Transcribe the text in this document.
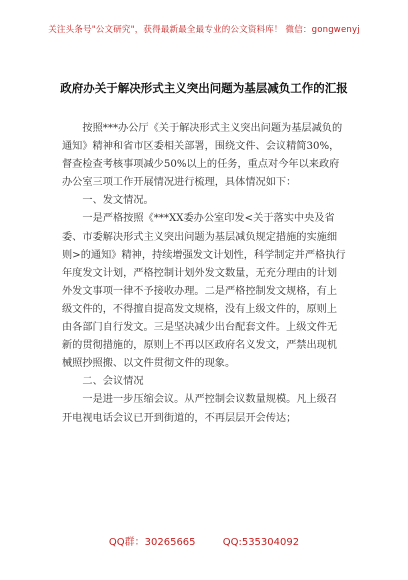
关注头条号"公文研究"，获得最新最全最专业的公文资料库！ 微信：gongwenyj
政府办关于解决形式主义突出问题为基层减负工作的汇报

按照***办公厅《关于解决形式主义突出问题为基层减负的通知》精神和省市区委相关部署，围绕文件、会议精简30%，督查检查考核事项减少50%以上的任务，重点对今年以来政府办公室三项工作开展情况进行梳理，具体情况如下：

一、发文情况。

一是严格按照《***XX委办公室印发<关于落实中央及省委、市委解决形式主义突出问题为基层减负规定措施的实施细则>的通知》精神，持续增强发文计划性，科学制定并严格执行年度发文计划，严格控制计划外发文数量，无充分理由的计划外发文事项一律不予接收办理。二是严格控制发文规格，有上级文件的，不得擅自提高发文规格，没有上级文件的，原则上由各部门自行发文。三是坚决减少出台配套文件。上级文件无新的贯彻措施的，原则上不再以区政府名义发文，严禁出现机械照抄照搬、以文件贯彻文件的现象。

二、会议情况

一是进一步压缩会议。从严控制会议数量规模。凡上级召开电视电话会议已开到街道的，不再层层开会传达；

QQ群：30265665	QQ:535304092
